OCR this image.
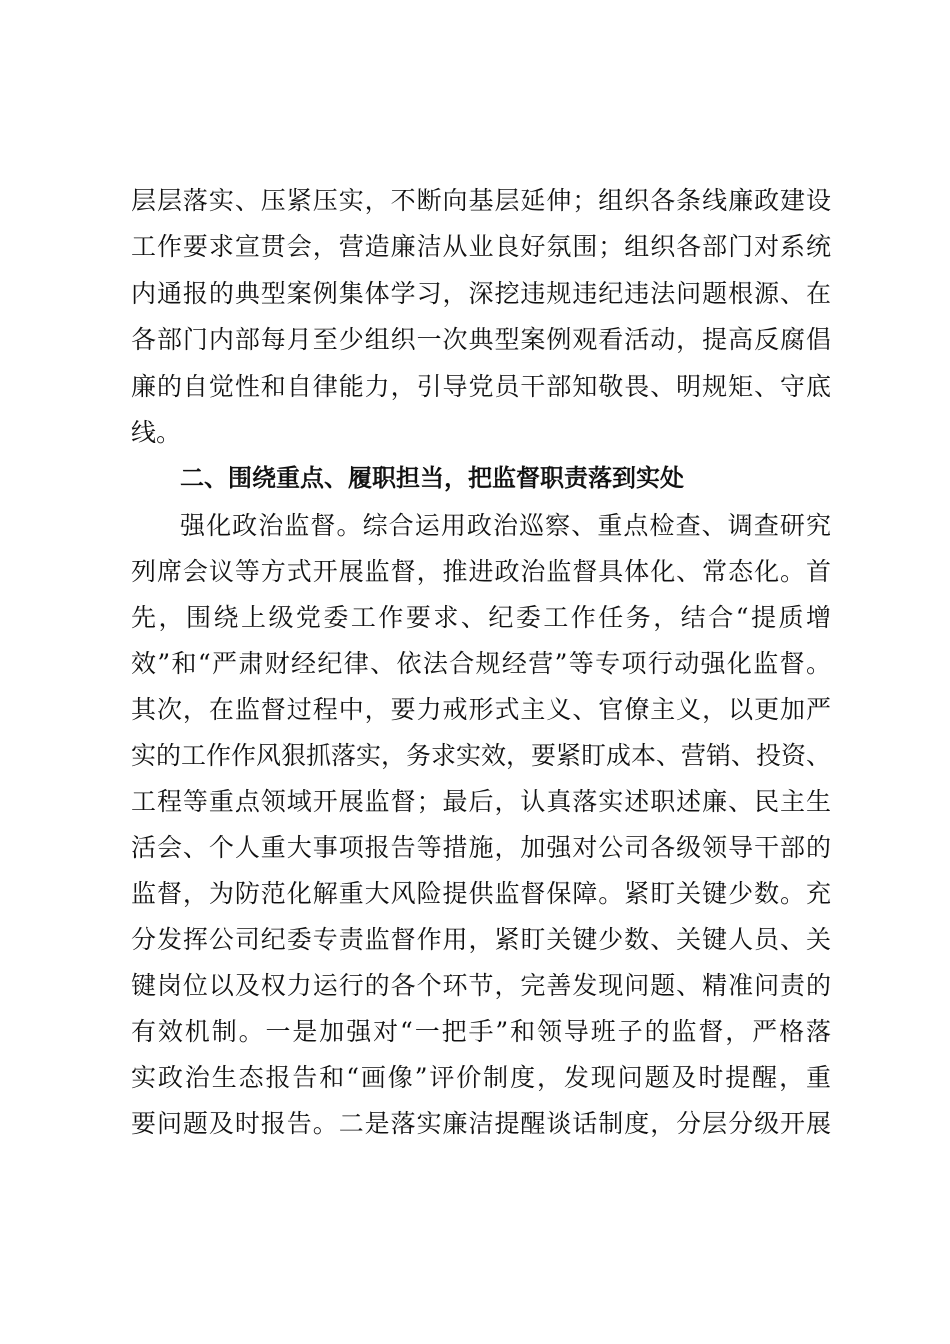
层层落实、压紧压实，不断向基层延伸；组织各条线廉政建设
工作要求宣贯会，营造廉洁从业良好氛围；组织各部门对系统
内通报的典型案例集体学习，深挖违规违纪违法问题根源、在
各部门内部每月至少组织一次典型案例观看活动，提高反腐倡
廉的自觉性和自律能力，引导党员干部知敬畏、明规矩、守底
线。
二、围绕重点、履职担当，把监督职责落到实处
强化政治监督。综合运用政治巡察、重点检查、调查研究
列席会议等方式开展监督，推进政治监督具体化、常态化。首
先，围绕上级党委工作要求、纪委工作任务，结合“提质增
效”和“严肃财经纪律、依法合规经营”等专项行动强化监督。
其次，在监督过程中，要力戒形式主义、官僚主义，以更加严
实的工作作风狠抓落实，务求实效，要紧盯成本、营销、投资、
工程等重点领域开展监督；最后，认真落实述职述廉、民主生
活会、个人重大事项报告等措施，加强对公司各级领导干部的
监督，为防范化解重大风险提供监督保障。紧盯关键少数。充
分发挥公司纪委专责监督作用，紧盯关键少数、关键人员、关
键岗位以及权力运行的各个环节，完善发现问题、精准问责的
有效机制。一是加强对“一把手”和领导班子的监督，严格落
实政治生态报告和“画像”评价制度，发现问题及时提醒，重
要问题及时报告。二是落实廉洁提醒谈话制度，分层分级开展
